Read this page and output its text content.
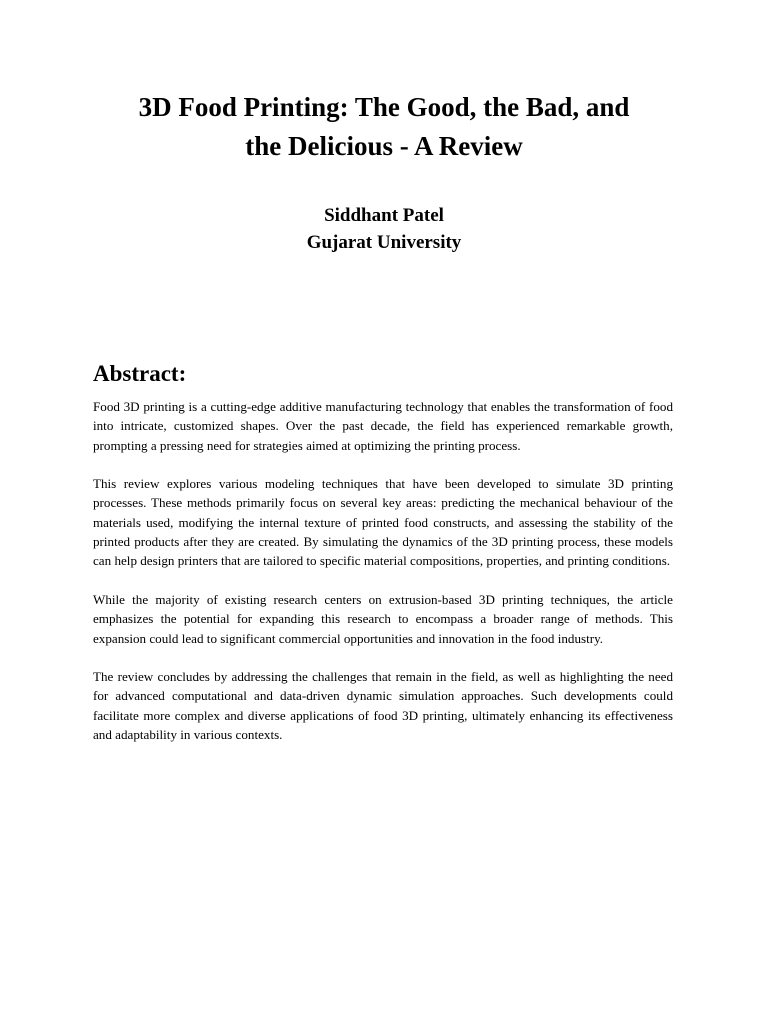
3D Food Printing: The Good, the Bad, and
the Delicious - A Review
Siddhant Patel
Gujarat University
Abstract:

Food 3D printing is a cutting-edge additive manufacturing technology that enables the transformation of food into intricate, customized shapes. Over the past decade, the field has experienced remarkable growth, prompting a pressing need for strategies aimed at optimizing the printing process.

This review explores various modeling techniques that have been developed to simulate 3D printing processes. These methods primarily focus on several key areas: predicting the mechanical behaviour of the materials used, modifying the internal texture of printed food constructs, and assessing the stability of the printed products after they are created. By simulating the dynamics of the 3D printing process, these models can help design printers that are tailored to specific material compositions, properties, and printing conditions.

While the majority of existing research centers on extrusion-based 3D printing techniques, the article emphasizes the potential for expanding this research to encompass a broader range of methods. This expansion could lead to significant commercial opportunities and innovation in the food industry.

The review concludes by addressing the challenges that remain in the field, as well as highlighting the need for advanced computational and data-driven dynamic simulation approaches. Such developments could facilitate more complex and diverse applications of food 3D printing, ultimately enhancing its effectiveness and adaptability in various contexts.
